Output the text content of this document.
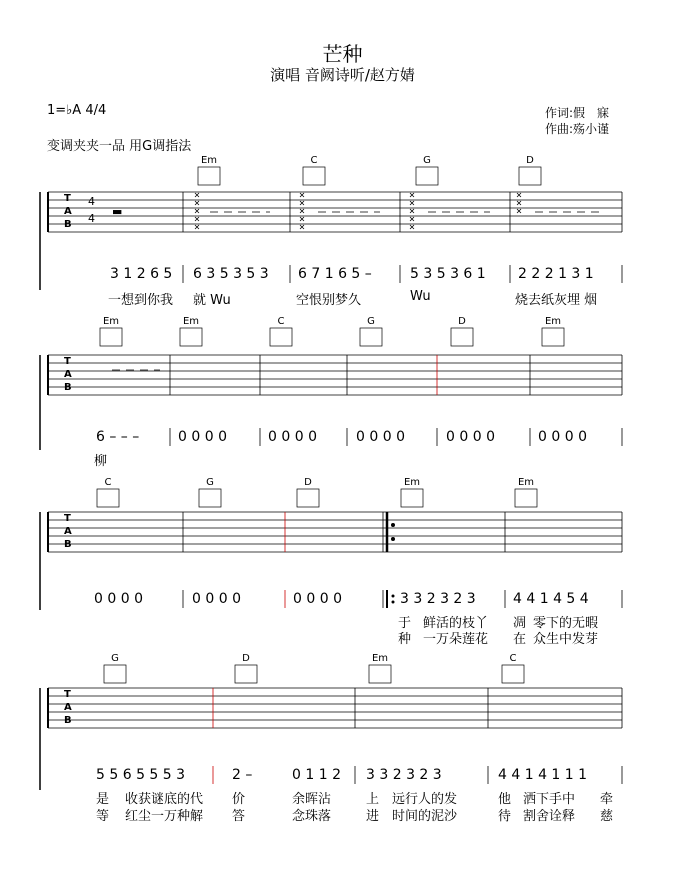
芒种
演唱 音阙诗听/赵方婧
1=♭A 4/4
变调夹夹一品 用G调指法
作词:假　寐
作曲:殇小谨
T
A
B
T
A
B
T
A
B
T
A
B
4
4
▬
Em	C	G	D
Em	Em	C	G	D	Em
C	G	D	Em	Em
G	D	Em	C
3 1 2 6 5 6 3 5 3 5 3 6 7 1 6 5 –	5 3 5 3 6 1 2 2 2 1 3 1
一想到你我 就 Wu	空恨别梦久	Wu	烧去纸灰埋 烟
6 – – –	0 0 0 0	0 0 0 0	0 0 0 0	0 0 0 0	0 0 0 0
柳
0 0 0 0	0 0 0 0	0 0 0 0	3 3 2 3 2 3	4 4 1 4 5 4
于 鲜活的枝丫 凋 零下的无暇
种 一万朵莲花 在 众生中发芽
5 5 6 5 5 5 3	2 –	0 1 1 2 3 3 2 3 2 3	4 4 1 4 1 1 1
是 收获谜底的代 价	余晖沾	上 远行人的发	他 洒下手中 牵
等 红尘一万种解 答	念珠落	进 时间的泥沙	待 割舍诠释 慈
